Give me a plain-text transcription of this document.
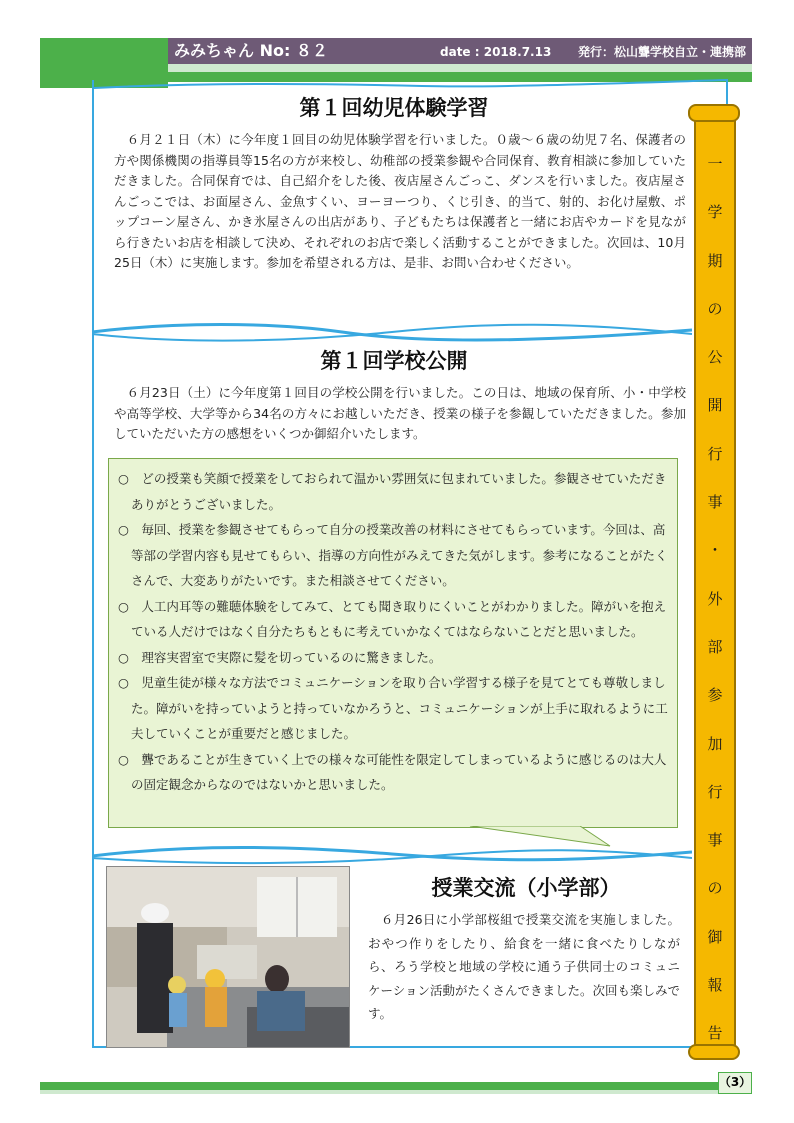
みみちゃん No: ８２	date : 2018.7.13 発行：松山聾学校自立・連携部
第１回幼児体験学習
　６月２１日（木）に今年度１回目の幼児体験学習を行いました。０歳～６歳の幼児７名、保護者の方や関係機関の指導員等15名の方が来校し、幼稚部の授業参観や合同保育、教育相談に参加していただきました。合同保育では、自己紹介をした後、夜店屋さんごっこ、ダンスを行いました。夜店屋さんごっこでは、お面屋さん、金魚すくい、ヨーヨーつり、くじ引き、的当て、射的、お化け屋敷、ポップコーン屋さん、かき氷屋さんの出店があり、子どもたちは保護者と一緒にお店やカードを見ながら行きたいお店を相談して決め、それぞれのお店で楽しく活動することができました。次回は、10月25日（木）に実施します。参加を希望される方は、是非、お問い合わせください。
第１回学校公開
　６月23日（土）に今年度第１回目の学校公開を行いました。この日は、地域の保育所、小・中学校や高等学校、大学等から34名の方々にお越しいただき、授業の様子を参観していただきました。参加していただいた方の感想をいくつか御紹介いたします。
○　どの授業も笑顔で授業をしておられて温かい雰囲気に包まれていました。参観させていただきありがとうございました。
○　毎回、授業を参観させてもらって自分の授業改善の材料にさせてもらっています。今回は、高等部の学習内容も見せてもらい、指導の方向性がみえてきた気がします。参考になることがたくさんで、大変ありがたいです。また相談させてください。
○　人工内耳等の難聴体験をしてみて、とても聞き取りにくいことがわかりました。障がいを抱えている人だけではなく自分たちもともに考えていかなくてはならないことだと思いました。
○　理容実習室で実際に髪を切っているのに驚きました。
○　児童生徒が様々な方法でコミュニケーションを取り合い学習する様子を見てとても尊敬しました。障がいを持っていようと持っていなかろうと、コミュニケーションが上手に取れるように工夫していくことが重要だと感じました。
○　聾であることが生きていく上での様々な可能性を限定してしまっているように感じるのは大人の固定観念からなのではないかと思いました。
授業交流（小学部）
　６月26日に小学部桜組で授業交流を実施しました。おやつ作りをしたり、給食を一緒に食べたりしながら、ろう学校と地域の学校に通う子供同士のコミュニケーション活動がたくさんできました。次回も楽しみです。
一
学
期
の
公
開
行
事
・
外
部
参
加
行
事
の
御
報
告
（3）
